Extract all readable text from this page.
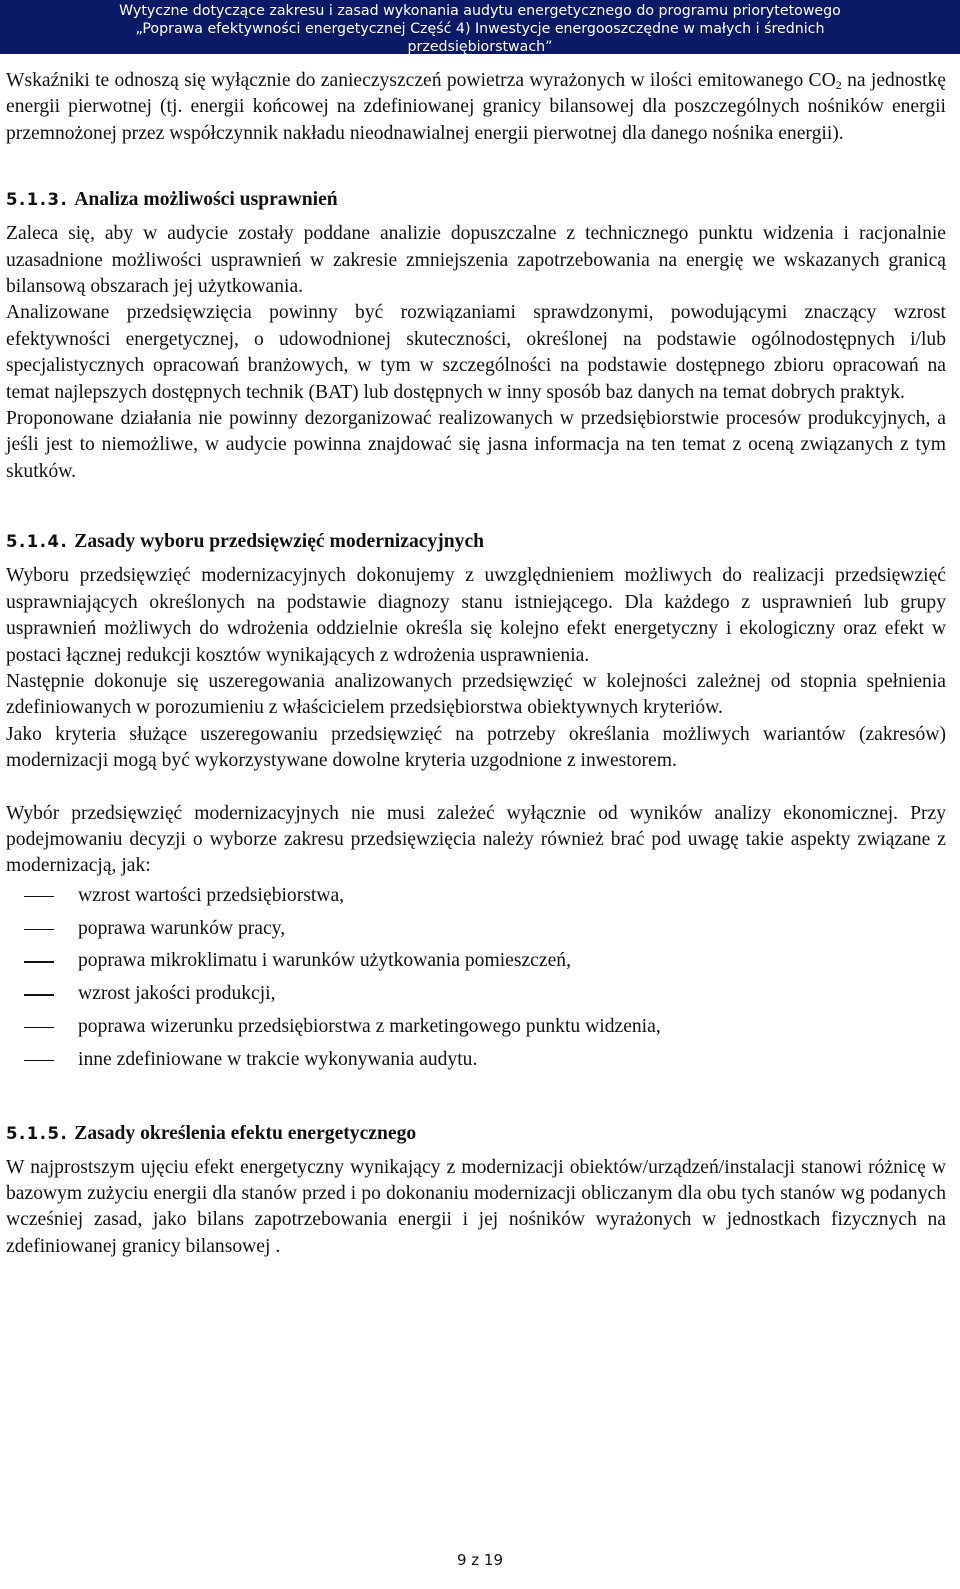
Wytyczne dotyczące zakresu i zasad wykonania audytu energetycznego do programu priorytetowego
„Poprawa efektywności energetycznej Część 4) Inwestycje energooszczędne w małych i średnich
przedsiębiorstwach”

Wskaźniki te odnoszą się wyłącznie do zanieczyszczeń powietrza wyrażonych w ilości emitowanego $CO_2$ na jednostkę energii pierwotnej (tj. energii końcowej na zdefiniowanej granicy bilansowej dla poszczególnych nośników energii przemnożonej przez współczynnik nakładu nieodnawialnej energii pierwotnej dla danego nośnika energii).

5.1.3. Analiza możliwości usprawnień

Zaleca się, aby w audycie zostały poddane analizie dopuszczalne z technicznego punktu widzenia i racjonalnie uzasadnione możliwości usprawnień w zakresie zmniejszenia zapotrzebowania na energię we wskazanych granicą bilansową obszarach jej użytkowania.

Analizowane przedsięwzięcia powinny być rozwiązaniami sprawdzonymi, powodującymi znaczący wzrost efektywności energetycznej, o udowodnionej skuteczności, określonej na podstawie ogólnodostępnych i/lub specjalistycznych opracowań branżowych, w tym w szczególności na podstawie dostępnego zbioru opracowań na temat najlepszych dostępnych technik (BAT) lub dostępnych w inny sposób baz danych na temat dobrych praktyk.

Proponowane działania nie powinny dezorganizować realizowanych w przedsiębiorstwie procesów produkcyjnych, a jeśli jest to niemożliwe, w audycie powinna znajdować się jasna informacja na ten temat z oceną związanych z tym skutków.

5.1.4. Zasady wyboru przedsięwzięć modernizacyjnych

Wyboru przedsięwzięć modernizacyjnych dokonujemy z uwzględnieniem możliwych do realizacji przedsięwzięć usprawniających określonych na podstawie diagnozy stanu istniejącego. Dla każdego z usprawnień lub grupy usprawnień możliwych do wdrożenia oddzielnie określa się kolejno efekt energetyczny i ekologiczny oraz efekt w postaci łącznej redukcji kosztów wynikających z wdrożenia usprawnienia.

Następnie dokonuje się uszeregowania analizowanych przedsięwzięć w kolejności zależnej od stopnia spełnienia zdefiniowanych w porozumieniu z właścicielem przedsiębiorstwa obiektywnych kryteriów.

Jako kryteria służące uszeregowaniu przedsięwzięć na potrzeby określania możliwych wariantów (zakresów) modernizacji mogą być wykorzystywane dowolne kryteria uzgodnione z inwestorem.

Wybór przedsięwzięć modernizacyjnych nie musi zależeć wyłącznie od wyników analizy ekonomicznej. Przy podejmowaniu decyzji o wyborze zakresu przedsięwzięcia należy również brać pod uwagę takie aspekty związane z modernizacją, jak:

wzrost wartości przedsiębiorstwa,
poprawa warunków pracy,
poprawa mikroklimatu i warunków użytkowania pomieszczeń,
wzrost jakości produkcji,
poprawa wizerunku przedsiębiorstwa z marketingowego punktu widzenia,
inne zdefiniowane w trakcie wykonywania audytu.
5.1.5. Zasady określenia efektu energetycznego

W najprostszym ujęciu efekt energetyczny wynikający z modernizacji obiektów/urządzeń/instalacji stanowi różnicę w bazowym zużyciu energii dla stanów przed i po dokonaniu modernizacji obliczanym dla obu tych stanów wg podanych wcześniej zasad, jako bilans zapotrzebowania energii i jej nośników wyrażonych w jednostkach fizycznych na zdefiniowanej granicy bilansowej .

9 z 19
